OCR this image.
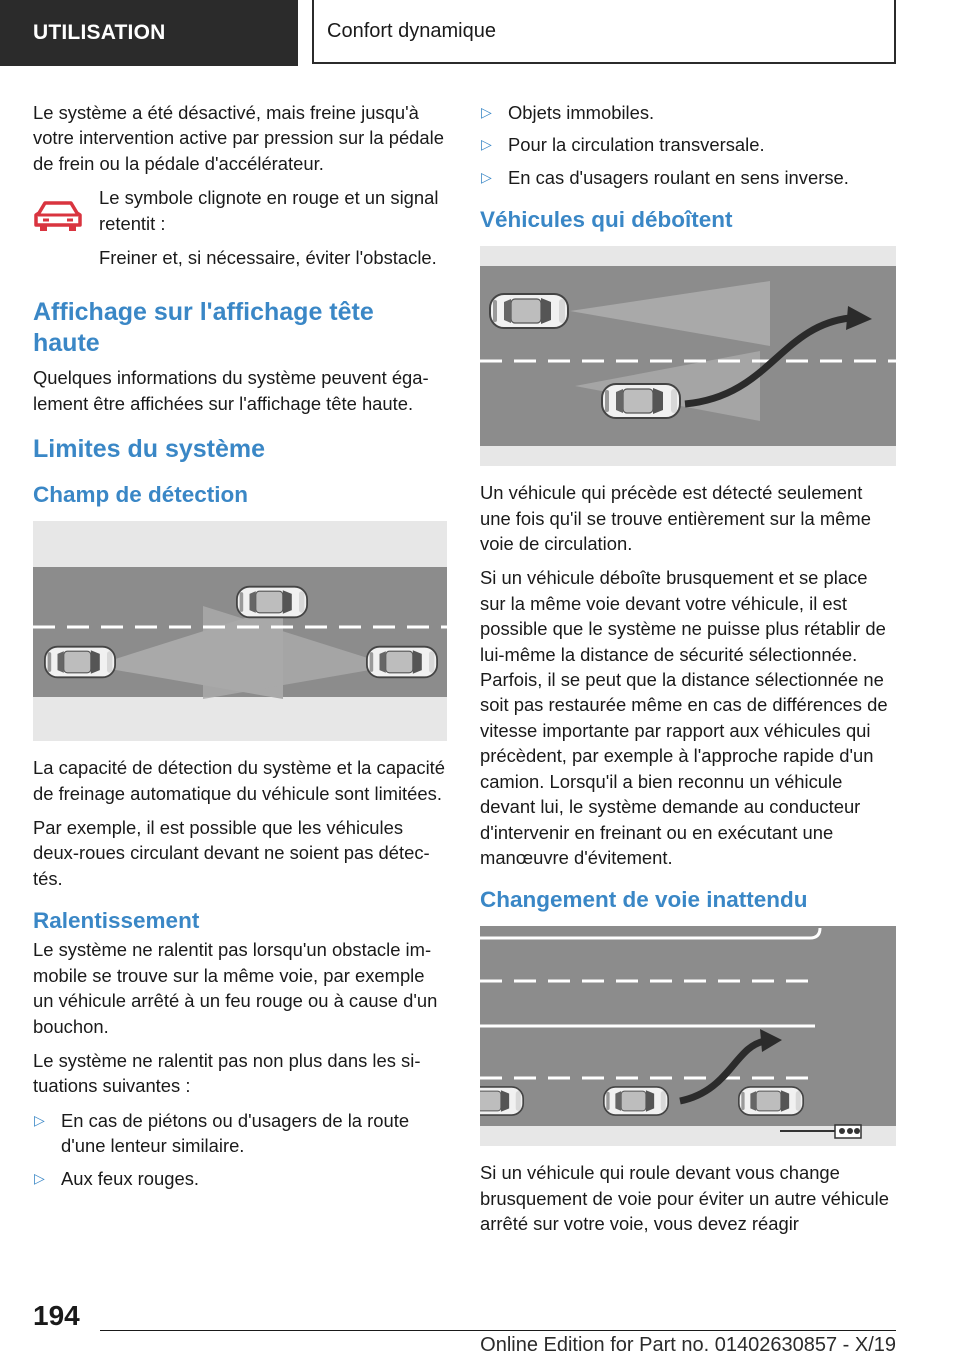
UTILISATION	Confort dynamique

Le système a été désactivé, mais freine jusqu'à votre intervention active par pression sur la pédale de frein ou la pédale d'accélérateur.

Le symbole clignote en rouge et un signal retentit :

Freiner et, si nécessaire, éviter l'obstacle.

Affichage sur l'affichage tête haute

Quelques informations du système peuvent également être affichées sur l'affichage tête haute.

Limites du système
Champ de détection

La capacité de détection du système et la capacité de freinage automatique du véhicule sont limitées.

Par exemple, il est possible que les véhicules deux-roues circulant devant ne soient pas détectés.

Ralentissement

Le système ne ralentit pas lorsqu'un obstacle immobile se trouve sur la même voie, par exemple un véhicule arrêté à un feu rouge ou à cause d'un bouchon.

Le système ne ralentit pas non plus dans les situations suivantes :

▷ En cas de piétons ou d'usagers de la route d'une lenteur similaire.
▷ Aux feux rouges.
▷ Objets immobiles.
▷ Pour la circulation transversale.
▷ En cas d'usagers roulant en sens inverse.
Véhicules qui déboîtent

Un véhicule qui précède est détecté seulement une fois qu'il se trouve entièrement sur la même voie de circulation.

Si un véhicule déboîte brusquement et se place sur la même voie devant votre véhicule, il est possible que le système ne puisse plus rétablir de lui-même la distance de sécurité sélectionnée. Parfois, il se peut que la distance sélectionnée ne soit pas restaurée même en cas de différences de vitesse importante par rapport aux véhicules qui précèdent, par exemple à l'approche rapide d'un camion. Lorsqu'il a bien reconnu un véhicule devant lui, le système demande au conducteur d'intervenir en freinant ou en exécutant une manœuvre d'évitement.

Changement de voie inattendu

Si un véhicule qui roule devant vous change brusquement de voie pour éviter un autre véhicule arrêté sur votre voie, vous devez réagir

194
Online Edition for Part no. 01402630857 - X/19
